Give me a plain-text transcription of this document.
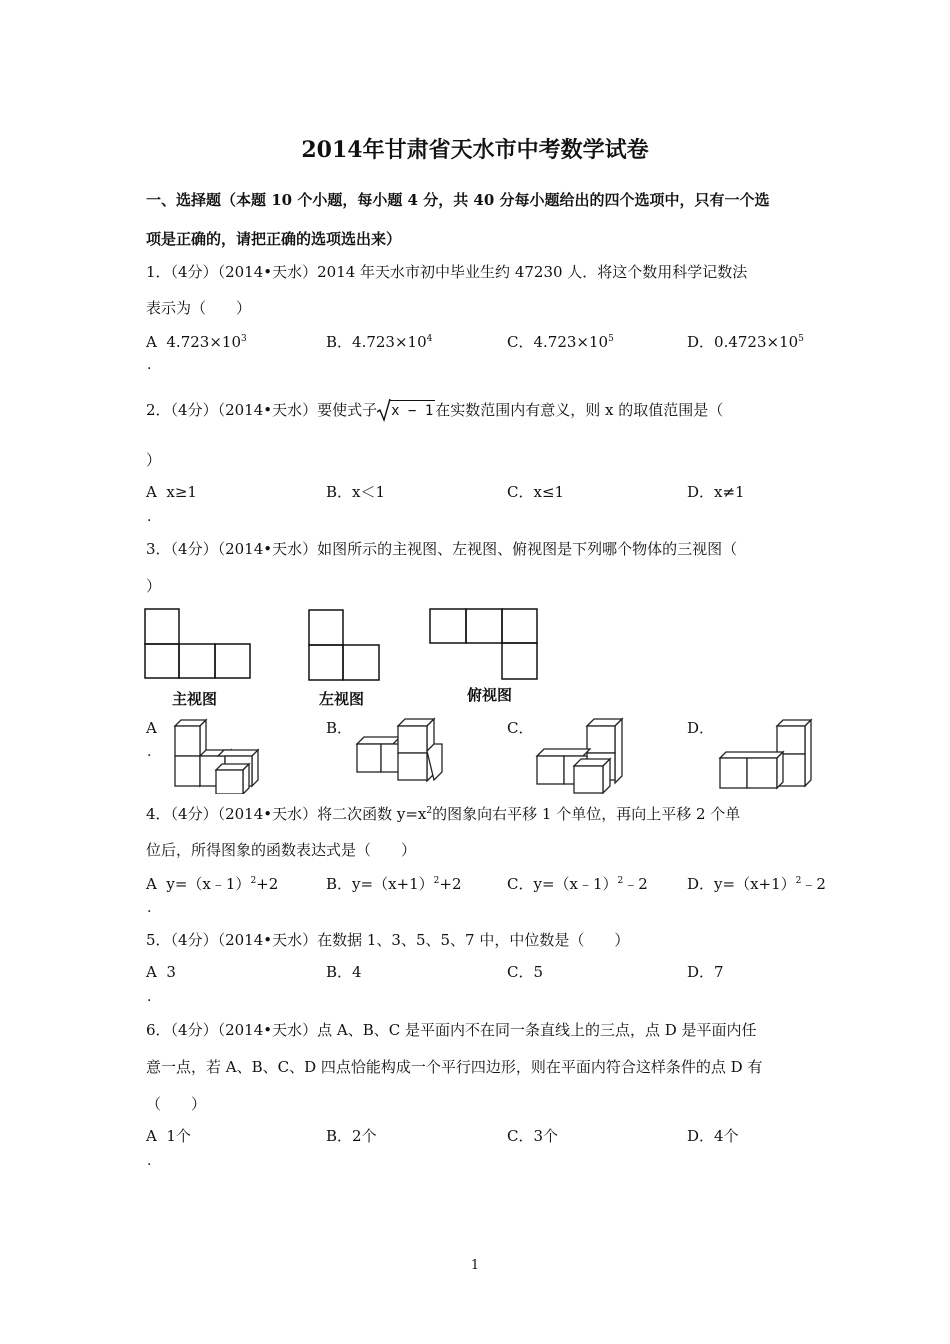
2014年甘肃省天水市中考数学试卷
一、选择题（本题 10 个小题，每小题 4 分，共 40 分每小题给出的四个选项中，只有一个选
项是正确的，请把正确的选项选出来）
1．（4分）（2014•天水）2014 年天水市初中毕业生约 47230 人．将这个数用科学记数法
表示为（　　）
A $4.723\times 10^3$	B．$4.723\times 10^4$	C．$4.723\times 10^5$	D．$0.4723\times 10^5$
.
2．（4分）（2014•天水）要使式子 x − 1 在实数范围内有意义，则 x 的取值范围是（
）
A x≥1	B．x＜1	C．x≤1	D．x≠1
.
3．（4分）（2014•天水）如图所示的主视图、左视图、俯视图是下列哪个物体的三视图（
）
主视图	左视图	俯视图
A
.
B．	C．	D．
4．（4分）（2014•天水）将二次函数 $y=x^2$的图象向右平移 1 个单位，再向上平移 2 个单
位后，所得图象的函数表达式是（　　）
A y=（x﹣1）$^2$+2	B．$y=(x+1)^2+2$	C．y=（x﹣1）$^2$﹣2	D．$y=(x+1)^2﹣2$
.
5．（4分）（2014•天水）在数据 1、3、5、5、7 中，中位数是（　　）
A 3	B．4	C．5	D．7
.
6．（4分）（2014•天水）点 A、B、C 是平面内不在同一条直线上的三点，点 D 是平面内任
意一点，若 A、B、C、D 四点恰能构成一个平行四边形，则在平面内符合这样条件的点 D 有
（　　）
A 1个	B．2个	C．3个	D．4个
.
1
